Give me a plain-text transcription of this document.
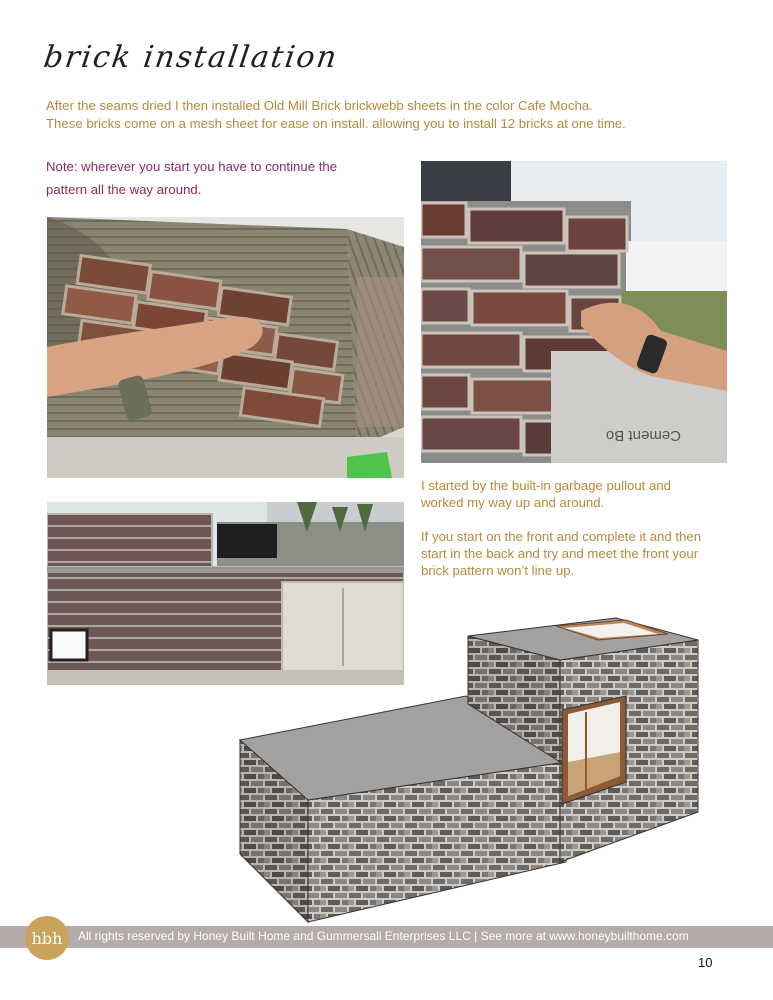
brick installation
After the seams dried I then installed Old Mill Brick brickwebb sheets in the color Cafe Mocha.
These bricks come on a mesh sheet for ease on install. allowing you to install 12 bricks at one time.
Note: wherever you start you have to continue the
pattern all the way around.
Cement Bo

I started by the built-in garbage pullout and
worked my way up and around.

If you start on the front and complete it and then
start in the back and try and meet the front your
brick pattern won’t line up.

hbh	All rights reserved by Honey Built Home and Gummersall Enterprises LLC | See more at www.honeybuilthome.com
10
